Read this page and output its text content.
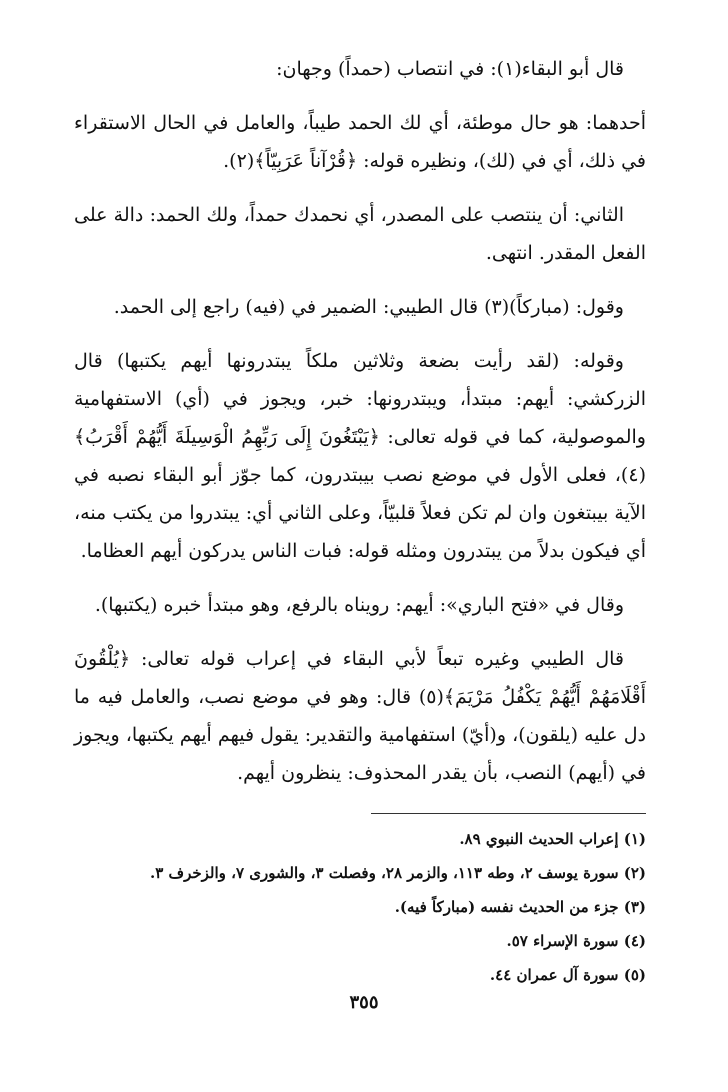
قال أبو البقاء(١): في انتصاب (حمداً) وجهان:

أحدهما: هو حال موطئة، أي لك الحمد طيباً، والعامل في الحال الاستقراء في ذلك، أي في (لك)، ونظيره قوله: ﴿قُرْآناً عَرَبِيّاً﴾(٢).

الثاني: أن ينتصب على المصدر، أي نحمدك حمداً، ولك الحمد: دالة على الفعل المقدر. انتهى.

وقول: (مباركاً)(٣) قال الطيبي: الضمير في (فيه) راجع إلى الحمد.

وقوله: (لقد رأيت بضعة وثلاثين ملكاً يبتدرونها أيهم يكتبها) قال الزركشي: أيهم: مبتدأ، ويبتدرونها: خبر، ويجوز في (أي) الاستفهامية والموصولية، كما في قوله تعالى: ﴿يَبْتَغُونَ إِلَى رَبِّهِمُ الْوَسِيلَةَ أَيُّهُمْ أَقْرَبُ﴾(٤)، فعلى الأول في موضع نصب بيبتدرون، كما جوّز أبو البقاء نصبه في الآية بيبتغون وان لم تكن فعلاً قلبيّاً، وعلى الثاني أي: يبتدروا من يكتب منه، أي فيكون بدلاً من يبتدرون ومثله قوله: فبات الناس يدركون أيهم العظاما.

وقال في «فتح الباري»: أيهم: رويناه بالرفع، وهو مبتدأ خبره (يكتبها).

قال الطيبي وغيره تبعاً لأبي البقاء في إعراب قوله تعالى: ﴿يُلْقُونَ أَقْلَامَهُمْ أَيُّهُمْ يَكْفُلُ مَرْيَمَ﴾(٥) قال: وهو في موضع نصب، والعامل فيه ما دل عليه (يلقون)، و(أيّ) استفهامية والتقدير: يقول فيهم أيهم يكتبها، ويجوز في (أيهم) النصب، بأن يقدر المحذوف: ينظرون أيهم.

(١) إعراب الحديث النبوي ٨٩.
(٢) سورة يوسف ٢، وطه ١١٣، والزمر ٢٨، وفصلت ٣، والشورى ٧، والزخرف ٣.
(٣) جزء من الحديث نفسه (مباركاً فيه).
(٤) سورة الإسراء ٥٧.
(٥) سورة آل عمران ٤٤.
٣٥٥
